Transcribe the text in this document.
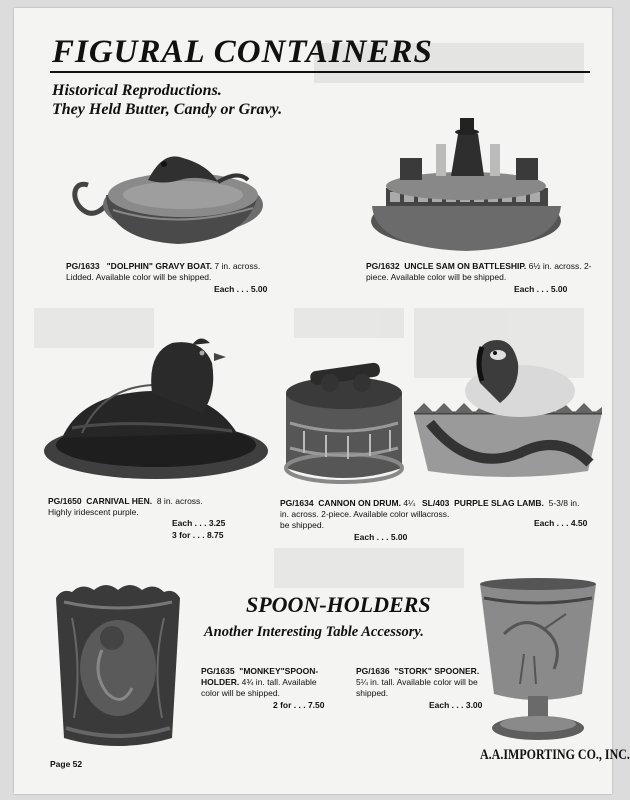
FIGURAL CONTAINERS
Historical Reproductions.
They Held Butter, Candy or Gravy.
PG/1633 "DOLPHIN" GRAVY BOAT. 7 in. across. Lidded. Available color will be shipped.
Each . . . 5.00
PG/1632 UNCLE SAM ON BATTLESHIP. 6½ in. across. 2-piece. Available color will be shipped.
Each . . . 5.00
PG/1650 CARNIVAL HEN. 8 in. across.
Highly iridescent purple.
Each . . . 3.25
3 for . . . 8.75
PG/1634 CANNON ON DRUM. 4¼ in. across. 2-piece. Available color will be shipped.
Each . . . 5.00
SL/403 PURPLE SLAG LAMB. 5-3/8 in.
across.
Each . . . 4.50
SPOON-HOLDERS
Another Interesting Table Accessory.
PG/1635 "MONKEY"SPOON-HOLDER. 4¾ in. tall. Available color will be shipped.
2 for . . . 7.50
PG/1636 "STORK" SPOONER. 5¼ in. tall. Available color will be shipped.
Each . . . 3.00
Page 52
A.A.IMPORTING CO., INC.
